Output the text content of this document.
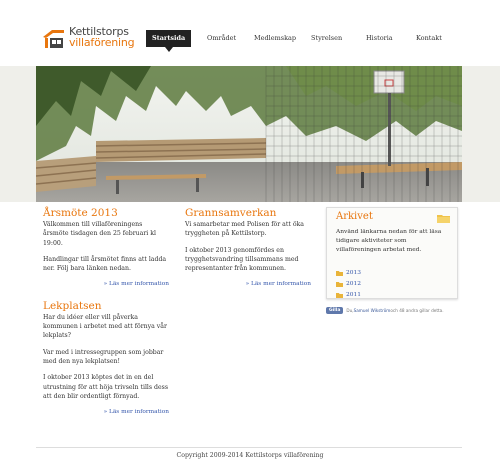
Kettilstorps
villaförening	Startsida	Området	Medlemskap Styrelsen	Historia	Kontakt
Årsmöte 2013

Välkommen till villaföreningens årsmöte tisdagen den 25 februari kl 19:00.

Handlingar till årsmötet finns att ladda ner. Följ bara länken nedan.

» Läs mer information
Lekplatsen

Har du idéer eller vill påverka kommunen i arbetet med att förnya vår lekplats?

Var med i intressegruppen som jobbar med den nya lekplatsen!

I oktober 2013 köptes det in en del utrustning för att höja trivseln tills dess att den blir ordentligt förnyad.

» Läs mer information
Grannsamverkan

Vi samarbetar med Polisen för att öka tryggheten på Kettilstorp.

I oktober 2013 genomfördes en trygghetsvandring tillsammans med representanter från kommunen.

» Läs mer information
Arkivet

Använd länkarna nedan för att läsa tidigare aktiviteter som villaföreningen arbetat med.

2013
2012
2011
Gilla	Du, Samuel Wikström och 48 andra gillar detta.
Copyright 2009-2014 Kettilstorps villaförening
